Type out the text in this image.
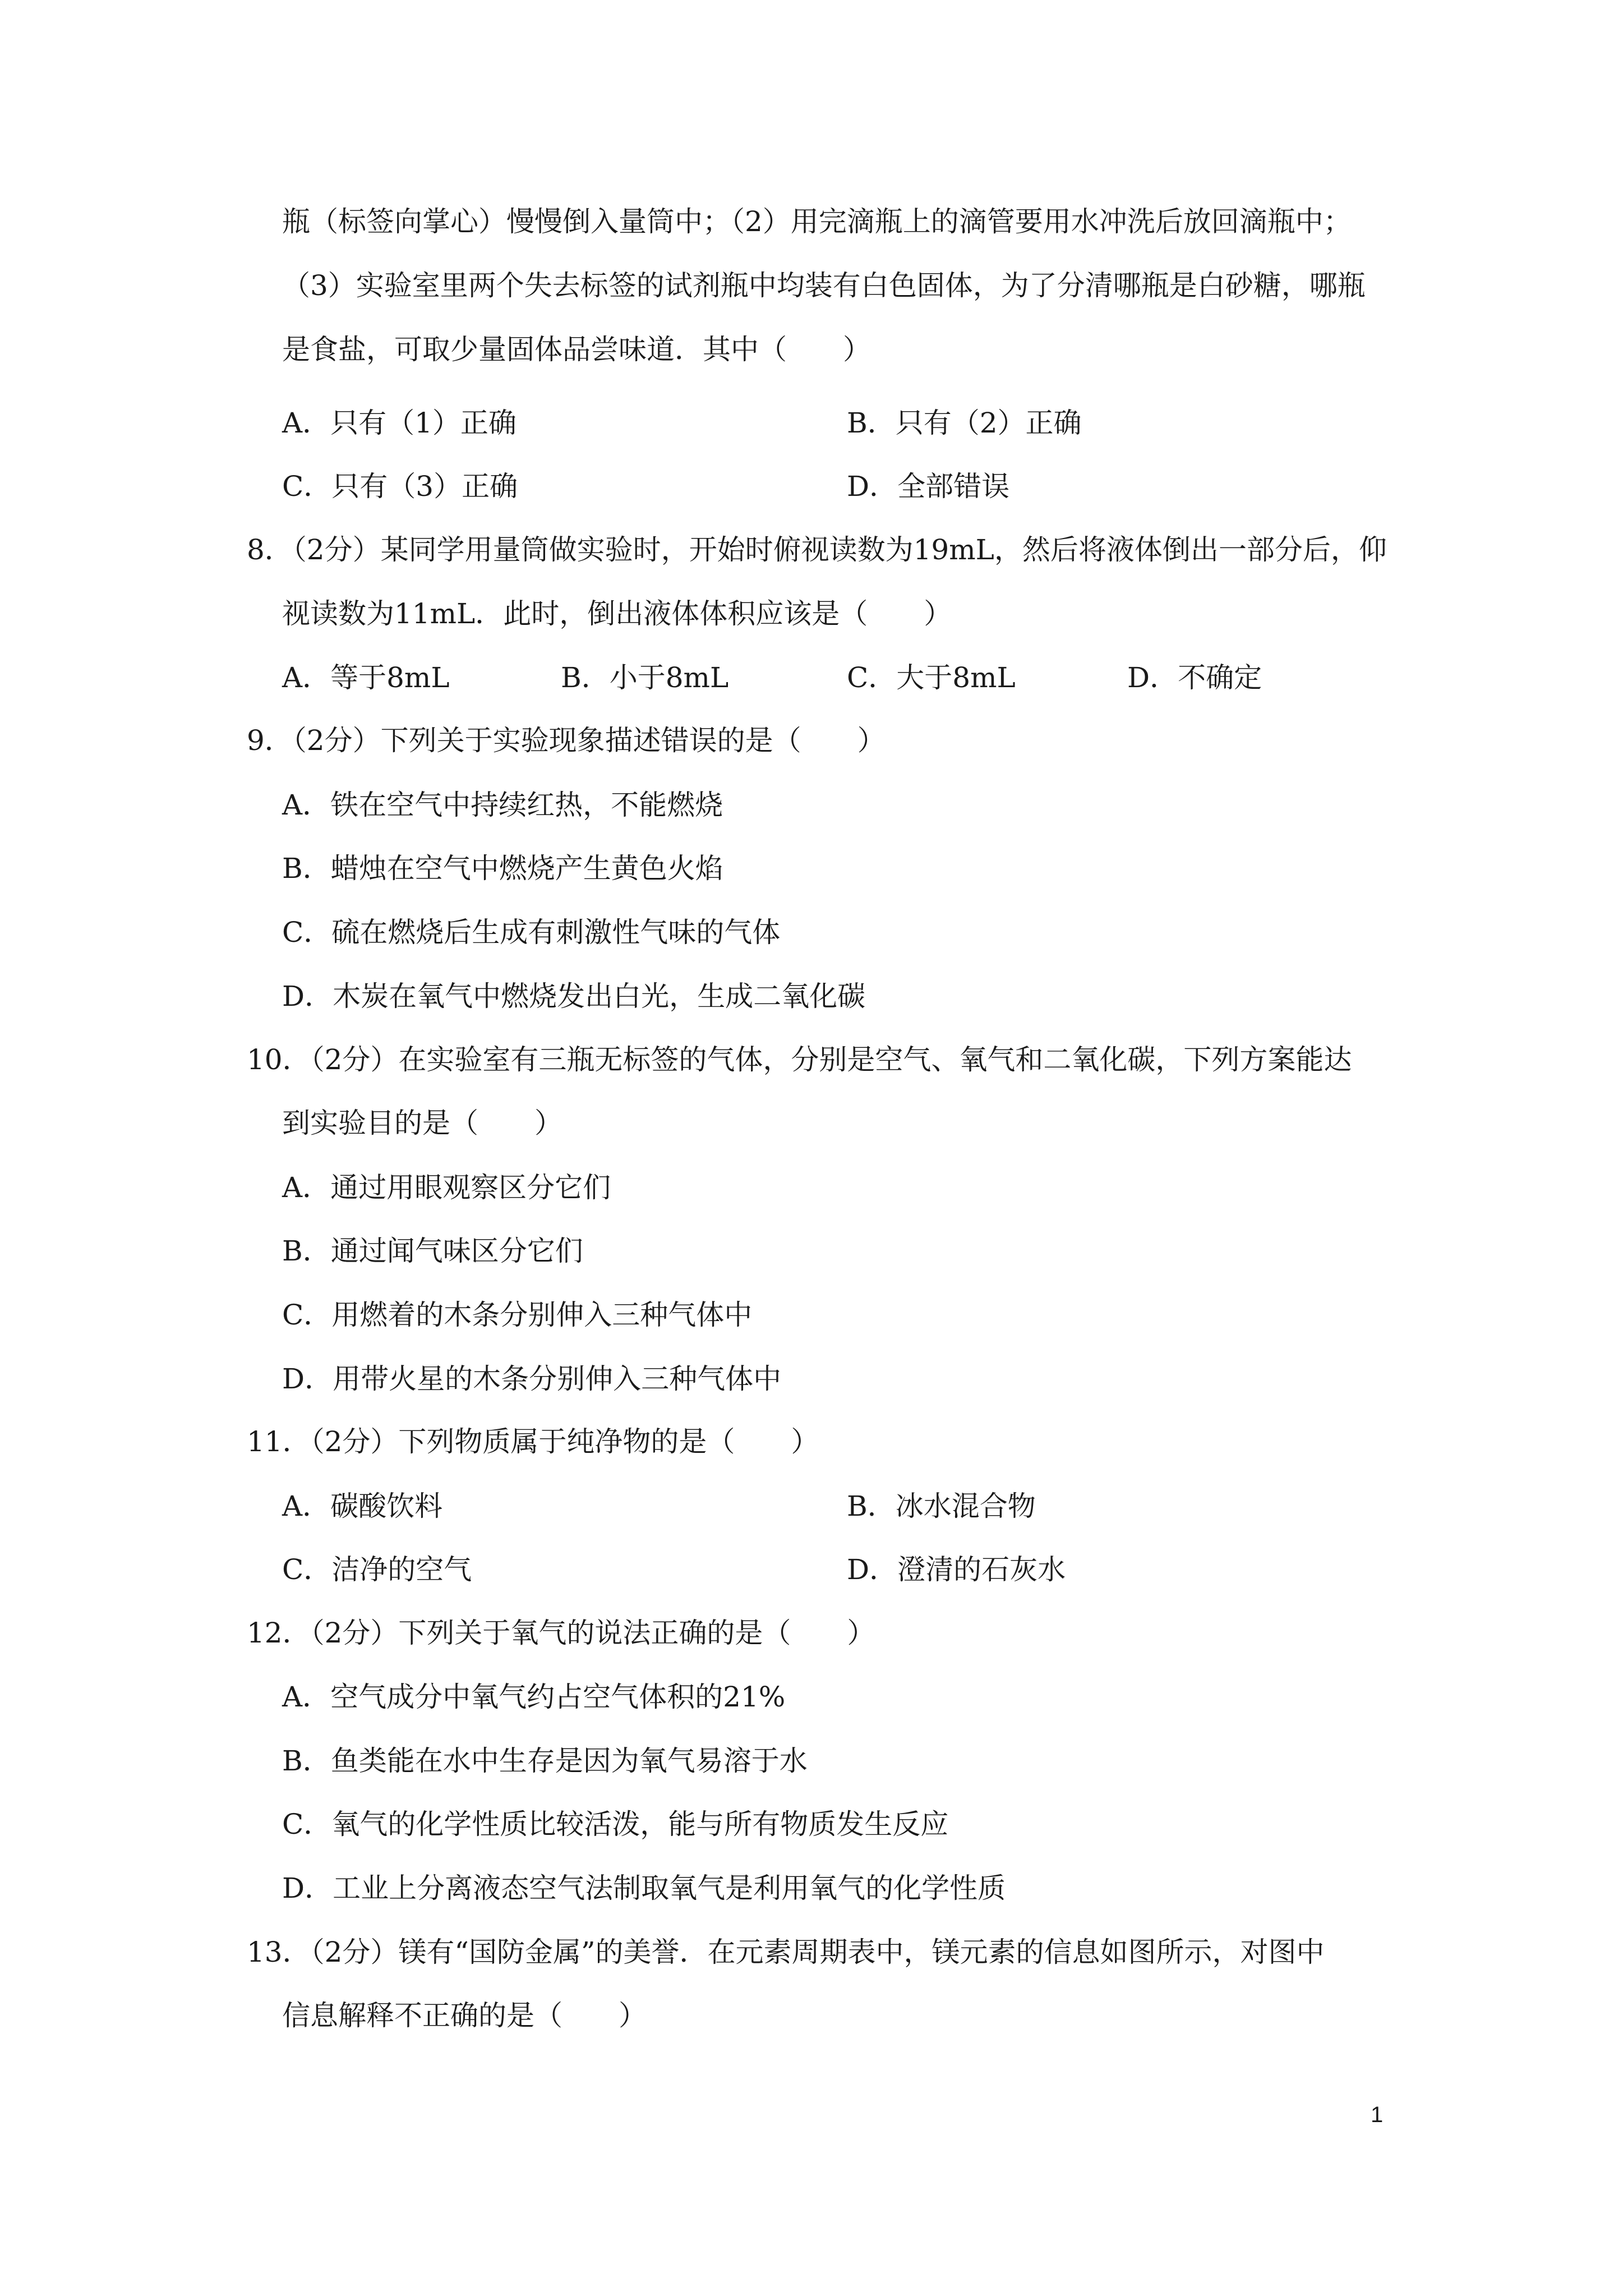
瓶（标签向掌心）慢慢倒入量筒中；（2）用完滴瓶上的滴管要用水冲洗后放回滴瓶中；
（3）实验室里两个失去标签的试剂瓶中均装有白色固体，为了分清哪瓶是白砂糖，哪瓶
是食盐，可取少量固体品尝味道．其中（　　）
A．只有（1）正确	B．只有（2）正确
C．只有（3）正确	D．全部错误
8．（2分）某同学用量筒做实验时，开始时俯视读数为19mL，然后将液体倒出一部分后，仰
视读数为11mL．此时，倒出液体体积应该是（　　）
A．等于8mL	B．小于8mL	C．大于8mL	D．不确定
9．（2分）下列关于实验现象描述错误的是（　　）
A．铁在空气中持续红热，不能燃烧
B．蜡烛在空气中燃烧产生黄色火焰
C．硫在燃烧后生成有刺激性气味的气体
D．木炭在氧气中燃烧发出白光，生成二氧化碳
10．（2分）在实验室有三瓶无标签的气体，分别是空气、氧气和二氧化碳，下列方案能达
到实验目的是（　　）
A．通过用眼观察区分它们
B．通过闻气味区分它们
C．用燃着的木条分别伸入三种气体中
D．用带火星的木条分别伸入三种气体中
11．（2分）下列物质属于纯净物的是（　　）
A．碳酸饮料	B．冰水混合物
C．洁净的空气	D．澄清的石灰水
12．（2分）下列关于氧气的说法正确的是（　　）
A．空气成分中氧气约占空气体积的21%
B．鱼类能在水中生存是因为氧气易溶于水
C．氧气的化学性质比较活泼，能与所有物质发生反应
D．工业上分离液态空气法制取氧气是利用氧气的化学性质
13．（2分）镁有“国防金属”的美誉．在元素周期表中，镁元素的信息如图所示，对图中
信息解释不正确的是（　　）
1
